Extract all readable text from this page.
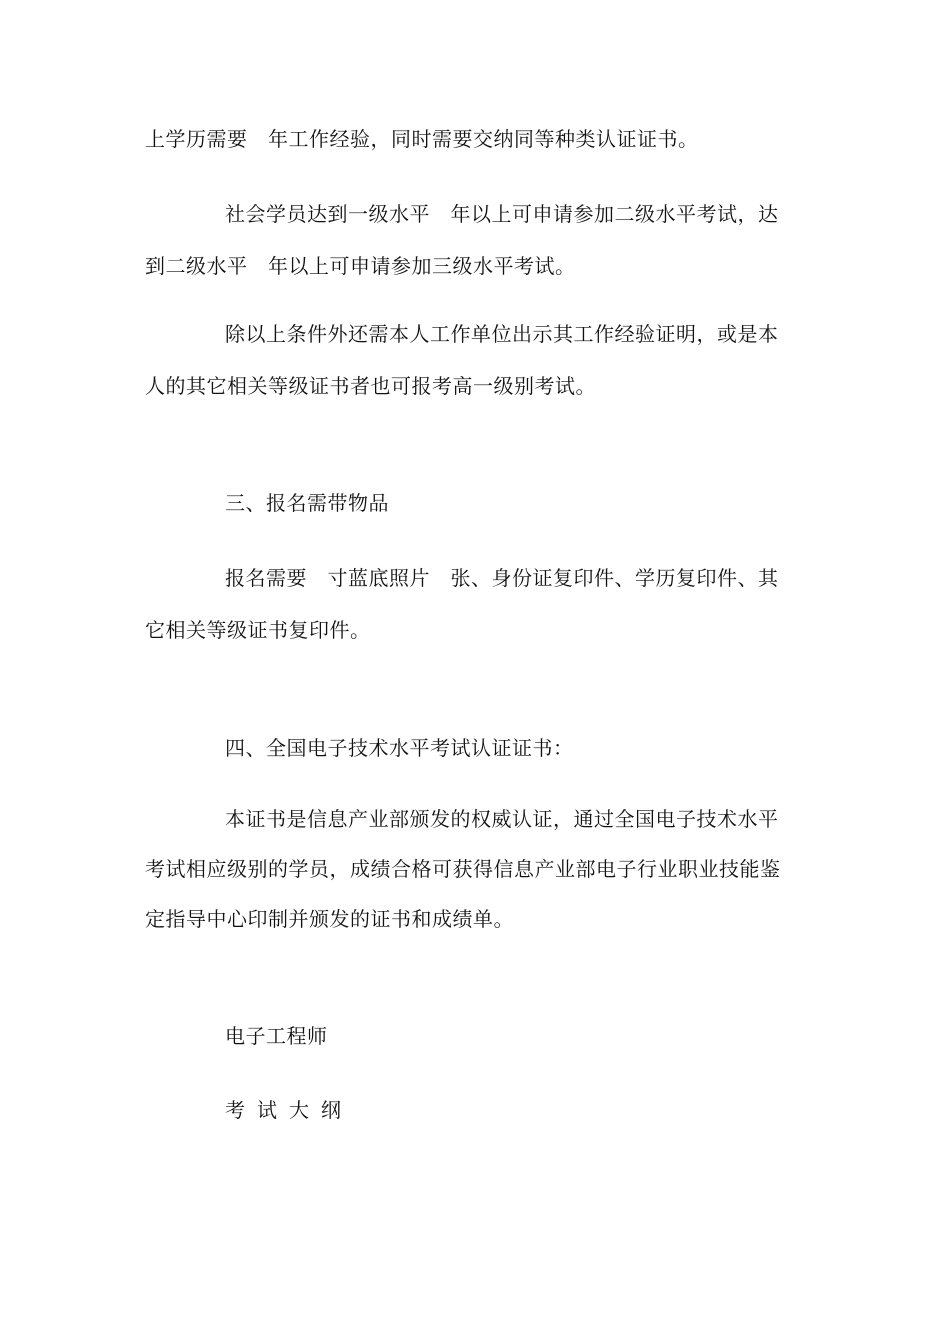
上学历需要　年工作经验，同时需要交纳同等种类认证证书。
社会学员达到一级水平　年以上可申请参加二级水平考试，达
到二级水平　年以上可申请参加三级水平考试。
除以上条件外还需本人工作单位出示其工作经验证明，或是本
人的其它相关等级证书者也可报考高一级别考试。
三、报名需带物品
报名需要　寸蓝底照片　张、身份证复印件、学历复印件、其
它相关等级证书复印件。
四、全国电子技术水平考试认证证书：
本证书是信息产业部颁发的权威认证，通过全国电子技术水平
考试相应级别的学员，成绩合格可获得信息产业部电子行业职业技能鉴
定指导中心印制并颁发的证书和成绩单。
电子工程师
考试大纲
